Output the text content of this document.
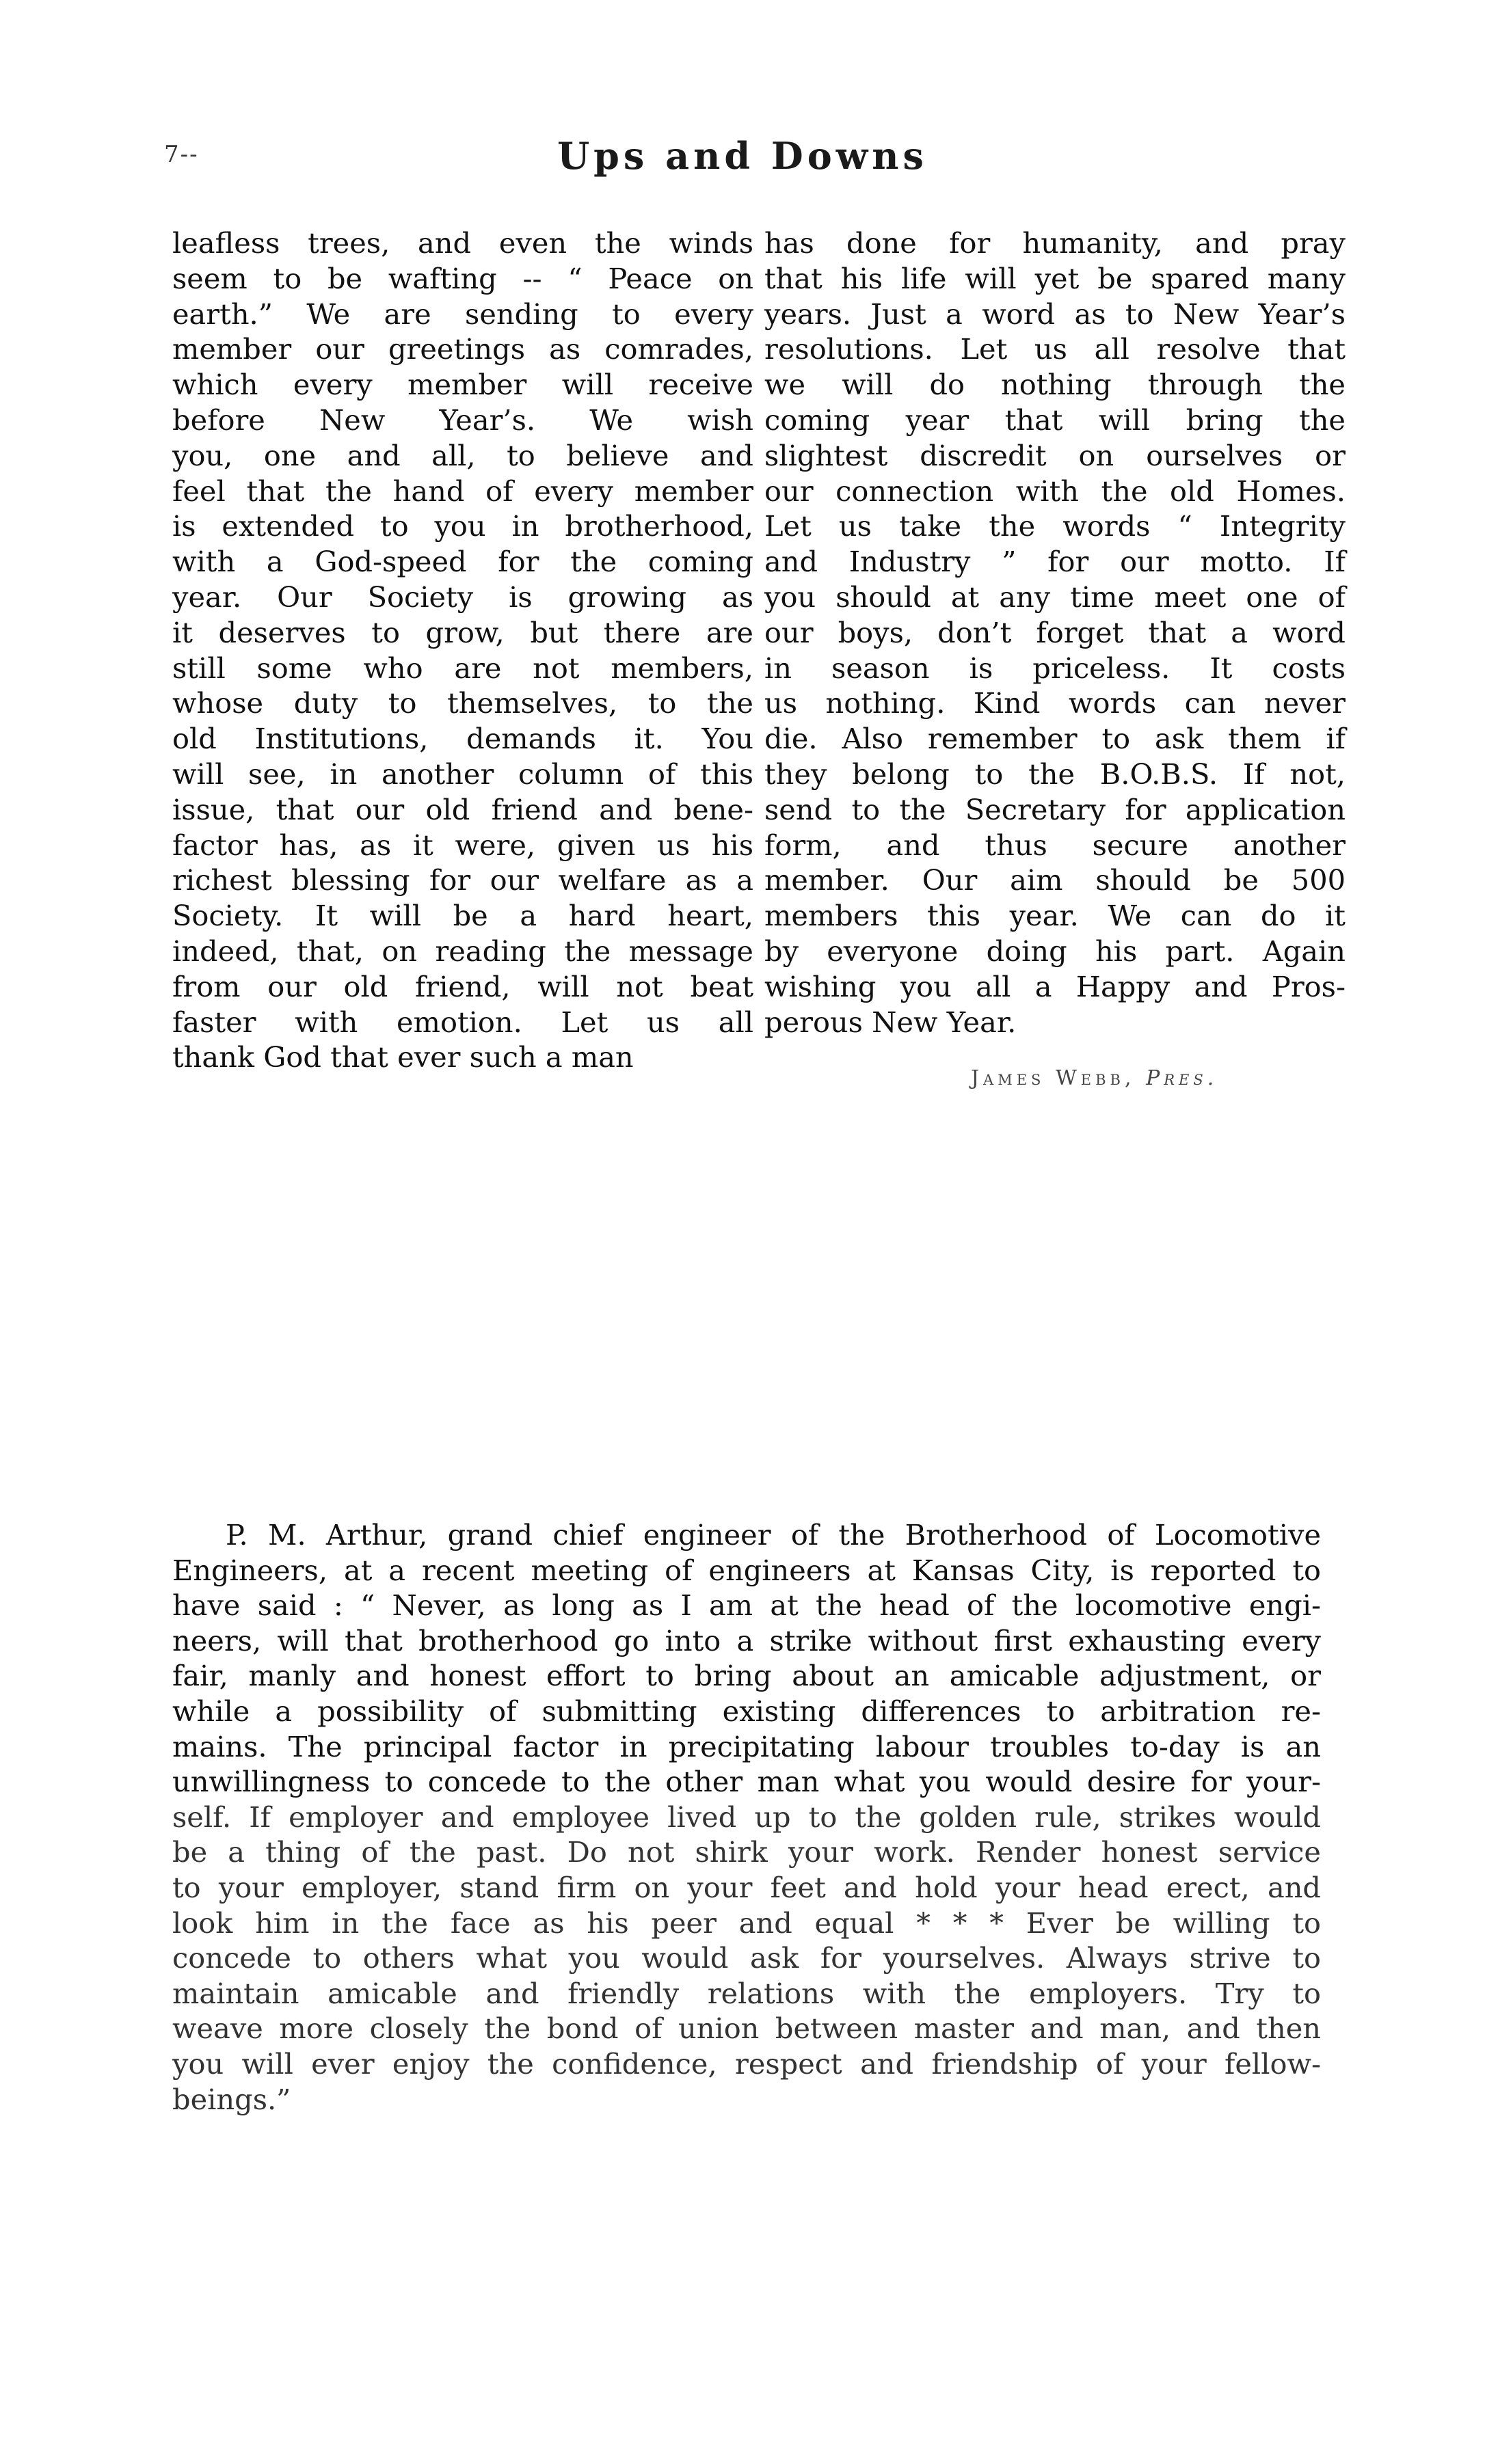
7--	Ups and Downs

leafless trees, and even the winds
seem to be wafting -- “ Peace on
earth.” We are sending to every
member our greetings as comrades,
which every member will receive
before New Year’s. We wish
you, one and all, to believe and
feel that the hand of every member
is extended to you in brotherhood,
with a God-speed for the coming
year. Our Society is growing as
it deserves to grow, but there are
still some who are not members,
whose duty to themselves, to the
old Institutions, demands it. You
will see, in another column of this
issue, that our old friend and bene-
factor has, as it were, given us his
richest blessing for our welfare as a
Society. It will be a hard heart,
indeed, that, on reading the message
from our old friend, will not beat
faster with emotion. Let us all
thank God that ever such a man

has done for humanity, and pray
that his life will yet be spared many
years. Just a word as to New Year’s
resolutions. Let us all resolve that
we will do nothing through the
coming year that will bring the
slightest discredit on ourselves or
our connection with the old Homes.
Let us take the words “ Integrity
and Industry ” for our motto. If
you should at any time meet one of
our boys, don’t forget that a word
in season is priceless. It costs
us nothing. Kind words can never
die. Also remember to ask them if
they belong to the B.O.B.S. If not,
send to the Secretary for application
form, and thus secure another
member. Our aim should be 500
members this year. We can do it
by everyone doing his part. Again
wishing you all a Happy and Pros-
perous New Year.

James Webb, Pres.
P. M. Arthur, grand chief engineer of the Brotherhood of Locomotive
Engineers, at a recent meeting of engineers at Kansas City, is reported to
have said : “ Never, as long as I am at the head of the locomotive engi-
neers, will that brotherhood go into a strike without first exhausting every
fair, manly and honest effort to bring about an amicable adjustment, or
while a possibility of submitting existing differences to arbitration re-
mains. The principal factor in precipitating labour troubles to-day is an
unwillingness to concede to the other man what you would desire for your-
self. If employer and employee lived up to the golden rule, strikes would
be a thing of the past. Do not shirk your work. Render honest service
to your employer, stand firm on your feet and hold your head erect, and
look him in the face as his peer and equal * * * Ever be willing to
concede to others what you would ask for yourselves. Always strive to
maintain amicable and friendly relations with the employers. Try to
weave more closely the bond of union between master and man, and then
you will ever enjoy the confidence, respect and friendship of your fellow-
beings.”
